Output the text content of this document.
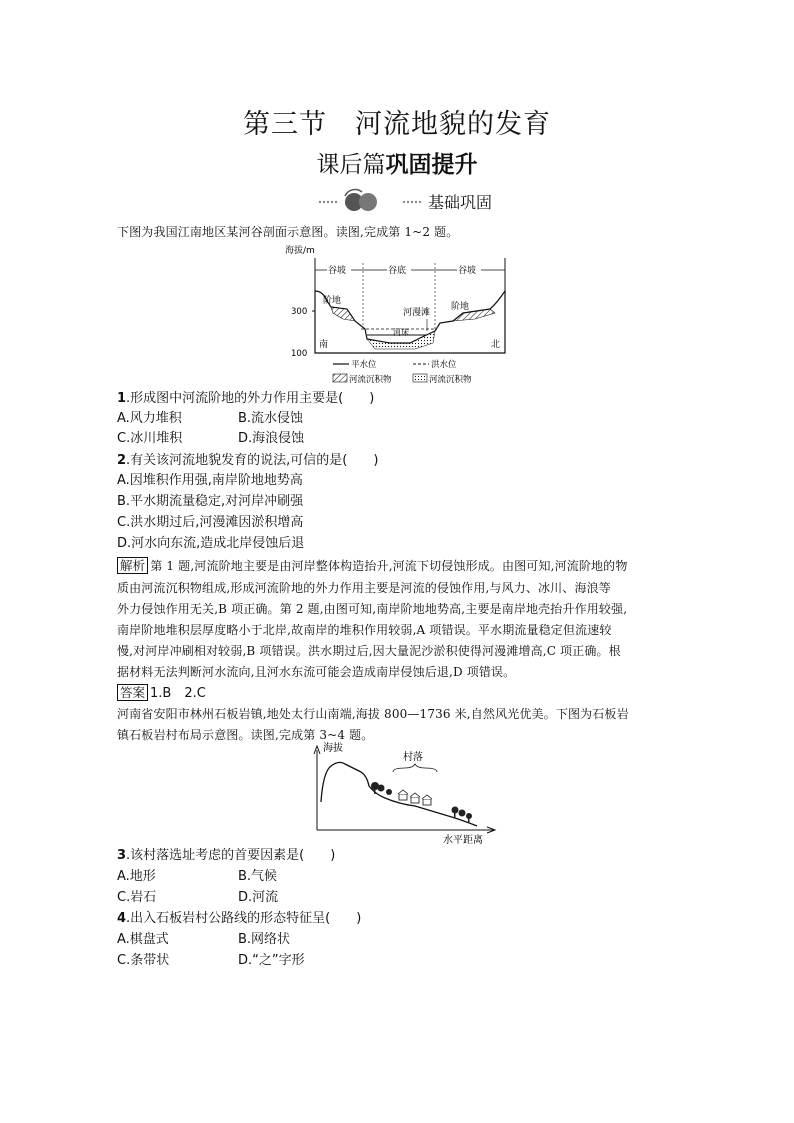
第三节　河流地貌的发育
课后篇巩固提升
基础巩固
下图为我国江南地区某河谷剖面示意图。读图,完成第 1~2 题。
海拔/m
300
100
谷坡	谷底	谷坡
阶地
阶地
河漫滩
河床
南	北
平水位	洪水位
河流沉积物	河流沉积物
1.形成图中河流阶地的外力作用主要是(　　)
A.风力堆积	B.流水侵蚀
C.冰川堆积	D.海浪侵蚀
2.有关该河流地貌发育的说法,可信的是(　　)
A.因堆积作用强,南岸阶地地势高
B.平水期流量稳定,对河岸冲刷强
C.洪水期过后,河漫滩因淤积增高
D.河水向东流,造成北岸侵蚀后退
解析 第 1 题,河流阶地主要是由河岸整体构造抬升,河流下切侵蚀形成。由图可知,河流阶地的物
质由河流沉积物组成,形成河流阶地的外力作用主要是河流的侵蚀作用,与风力、冰川、海浪等
外力侵蚀作用无关,B 项正确。第 2 题,由图可知,南岸阶地地势高,主要是南岸地壳抬升作用较强,
南岸阶地堆积层厚度略小于北岸,故南岸的堆积作用较弱,A 项错误。平水期流量稳定但流速较
慢,对河岸冲刷相对较弱,B 项错误。洪水期过后,因大量泥沙淤积使得河漫滩增高,C 项正确。根
据材料无法判断河水流向,且河水东流可能会造成南岸侵蚀后退,D 项错误。
答案 1.B　2.C
河南省安阳市林州石板岩镇,地处太行山南端,海拔 800—1736 米,自然风光优美。下图为石板岩
镇石板岩村布局示意图。读图,完成第 3~4 题。
海拔
水平距离
村落
3.该村落选址考虑的首要因素是(　　)
A.地形	B.气候
C.岩石	D.河流
4.出入石板岩村公路线的形态特征呈(　　)
A.棋盘式	B.网络状
C.条带状	D.“之”字形
